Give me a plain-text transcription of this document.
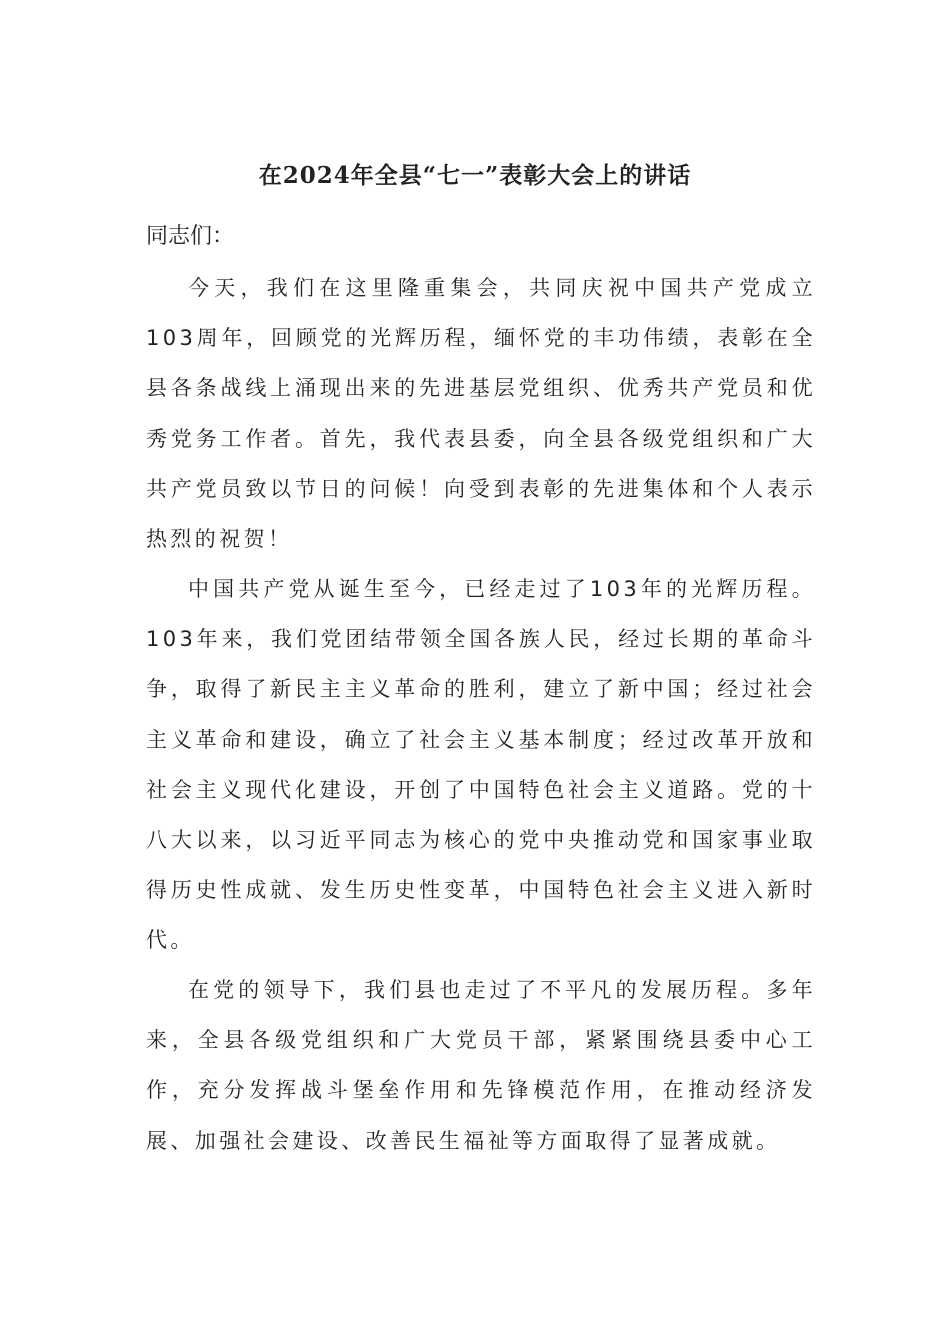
在2024年全县“七一”表彰大会上的讲话
同志们：

今天，我们在这里隆重集会，共同庆祝中国共产党成立103周年，回顾党的光辉历程，缅怀党的丰功伟绩，表彰在全县各条战线上涌现出来的先进基层党组织、优秀共产党员和优秀党务工作者。首先，我代表县委，向全县各级党组织和广大共产党员致以节日的问候！向受到表彰的先进集体和个人表示热烈的祝贺！

中国共产党从诞生至今，已经走过了103年的光辉历程。103年来，我们党团结带领全国各族人民，经过长期的革命斗争，取得了新民主主义革命的胜利，建立了新中国；经过社会主义革命和建设，确立了社会主义基本制度；经过改革开放和社会主义现代化建设，开创了中国特色社会主义道路。党的十八大以来，以习近平同志为核心的党中央推动党和国家事业取得历史性成就、发生历史性变革，中国特色社会主义进入新时代。

在党的领导下，我们县也走过了不平凡的发展历程。多年来，全县各级党组织和广大党员干部，紧紧围绕县委中心工作，充分发挥战斗堡垒作用和先锋模范作用，在推动经济发展、加强社会建设、改善民生福祉等方面取得了显著成就。
